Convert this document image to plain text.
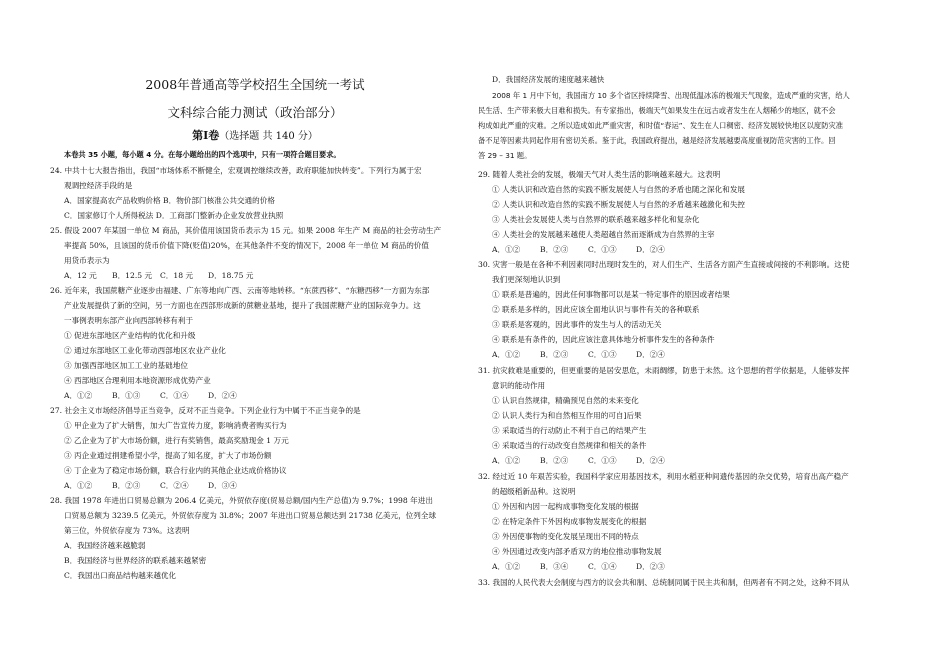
2008年普通高等学校招生全国统一考试
文科综合能力测试（政治部分）
第Ⅰ卷（选择题 共 140 分）
本卷共 35 小题，每小题 4 分。在每小题给出的四个选项中，只有一项符合题目要求。
24. 中共十七大报告指出，我国“市场体系不断健全，宏观调控继续改善，政府职能加快转变”。下列行为属于宏
观调控经济手段的是
A．国家提高农产品收购价格 B．物价部门核准公共交通的价格
C．国家修订个人所得税法 D．工商部门整新办企业发放营业执照
25. 假设 2007 年某国一单位 M 商品，其价值用该国货币表示为 15 元。如果 2008 年生产 M 商品的社会劳动生产
率提高 50%，且该国的货币价值下降(贬值)20%，在其他条件不变的情况下，2008 年一单位 M 商品的价值
用货币表示为
A．12 元 B．12.5 元 C．18 元 D．18.75 元
26. 近年来，我国蔗糖产业逐步由福建、广东等地向广西、云南等地转移。“东蔗西移”、“东糖西移”一方面为东部
产业发展提供了新的空间，另一方面也在西部形成新的蔗糖业基地，提升了我国蔗糖产业的国际竞争力。这
一事例表明东部产业向西部转移有利于
① 促进东部地区产业结构的优化和升级
② 通过东部地区工业化带动西部地区农业产业化
③ 加强西部地区加工工业的基础地位
④ 西部地区合理利用本地资源形成优势产业
A．①②	B．①③	C．①④	D．②④
27. 社会主义市场经济倡导正当竞争，反对不正当竞争。下列企业行为中属于不正当竞争的是
① 甲企业为了扩大销售，加大广告宣传力度，影响消费者购买行为
② 乙企业为了扩大市场份额，进行有奖销售，最高奖励现金 1 万元
③ 丙企业通过捐建希望小学，提高了知名度，扩大了市场份额
④ 丁企业为了稳定市场份额，联合行业内的其他企业达成价格协议
A．①②	B．②③	C．②④	D．③④
28. 我国 1978 年进出口贸易总额为 206.4 亿美元，外贸依存度(贸易总额/国内生产总值)为 9.7%；1998 年进出
口贸易总额为 3239.5 亿美元，外贸依存度为 3l.8%；2007 年进出口贸易总额达到 21738 亿美元，位列全球
第三位，外贸依存度为 73%。这表明
A．我国经济越来越脆弱
B．我国经济与世界经济的联系越来越紧密
C．我国出口商品结构越来越优化
D．我国经济发展的速度越来越快
2008 年 1 月中下旬，我国南方 10 多个省区持续降雪、出现低温冰冻的极端天气现象，造成严重的灾害，给人
民生活、生产带来极大目难和损失。有专家指出，极端天气如果发生在远古或者发生在人烟稀少的地区，就不会
构成如此严重的灾难。之所以造成如此严重灾害，和时值“春运”、发生在人口稠密、经济发展较快地区以度防灾准
备不足等因素共同起作用有密切关系。鉴于此，我国政府提出，越是经济发展越要高度重视防范灾害的工作。回
答 29 – 31 题。
29. 随着人类社会的发展，极端天气对人类生活的影响越来越大。这表明
① 人类认识和改造自然的实践不断发展使人与自然的矛盾也随之深化和发展
② 人类认识和改造自然的实践不断发展使人与自然的矛盾越来越激化和失控
③ 人类社会发展使人类与自然界的联系越来越多样化和复杂化
④ 人类社会的发展越来越使人类超越自然而逐渐成为自然界的主宰
A．①②	B．②③	C．①③	D．②④
30. 灾害一般是在各种不利因素同时出现时发生的，对人们生产、生活各方面产生直接或间接的不利影响。这使
我们更深刻地认识到
① 联系是普遍的，因此任何事物都可以是某一特定事件的原因或者结果
② 联系是多样的，因此应该全面地认识与事件有关的各种联系
③ 联系是客观的，因此事件的发生与人的活动无关
④ 联系是有条件的，因此应该注意具体地分析事件发生的各种条件
A．①②	B．②③	C．①③	D．②④
31. 抗灾救难是重要的，但更重要的是居安思危，未雨绸缪，防患于未然。这个思想的哲学依据是，人能够发挥
意识的能动作用
① 认识自然规律，精确预见自然的未来变化
② 认识人类行为和自然相互作用的可自]后果
③ 采取适当的行动防止不利于自己的结果产生
④ 采取适当的行动改变自然规律和相关的条件
A．①②	B．②③	C．①③	D．②④
32. 经过近 10 年艰苦实验，我国科学家应用基因技术，利用水稻亚种间遗传基因的杂交优势，培育出高产稳产
的超级稻新品种。这说明
① 外因和内因一起构成事物变化发展的根据
② 在特定条件下外因构成事物发展变化的根据
③ 外因使事物的变化发展呈现出不同的特点
④ 外因通过改变内部矛盾双方的地位推动事物发展
A．①②	B．③④	C．①④	D．②③
33. 我国的人民代表大会制度与西方的议会共和制、总统制同属于民主共和制，但两者有不同之处，这种不同从
